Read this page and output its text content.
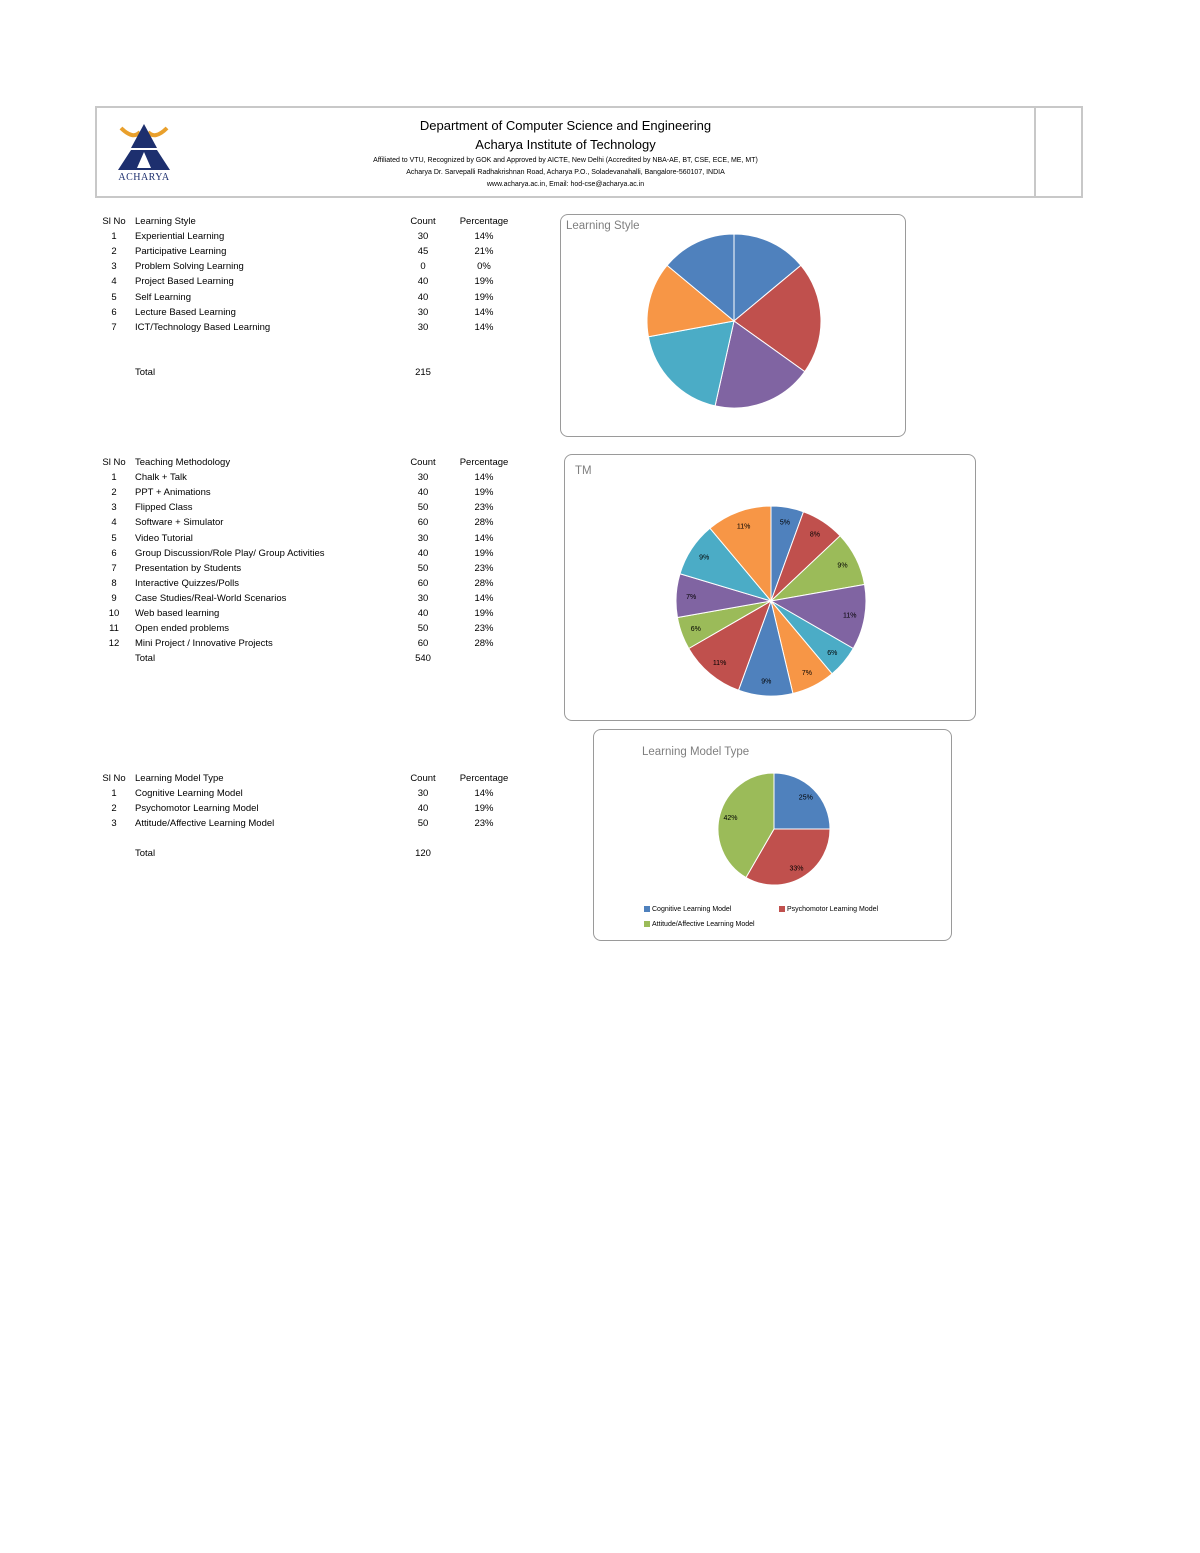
ACHARYA
Department of Computer Science and Engineering
Acharya Institute of Technology
Affiliated to VTU, Recognized by GOK and Approved by AICTE, New Delhi (Accredited by NBA-AE, BT, CSE, ECE, ME, MT)
Acharya Dr. Sarvepalli Radhakrishnan Road, Acharya P.O., Soladevanahalli, Bangalore-560107, INDIA
www.acharya.ac.in, Email: hod-cse@acharya.ac.in
Sl No Learning Style	Count	Percentage
1	Experiential Learning	30	14%
2	Participative Learning	45	21%
3	Problem Solving Learning	0	0%
4	Project Based Learning	40	19%
5	Self Learning	40	19%
6	Lecture Based Learning	30	14%
7	ICT/Technology Based Learning	30	14%
Total	215
Sl No Teaching Methodology	Count	Percentage
1	Chalk + Talk	30	14%
2	PPT + Animations	40	19%
3	Flipped Class	50	23%
4	Software + Simulator	60	28%
5	Video Tutorial	30	14%
6	Group Discussion/Role Play/ Group Activities	40	19%
7	Presentation by Students	50	23%
8	Interactive Quizzes/Polls	60	28%
9	Case Studies/Real-World Scenarios	30	14%
10	Web based learning	40	19%
11	Open ended problems	50	23%
12	Mini Project / Innovative Projects	60	28%
Total	540
Sl No Learning Model Type	Count	Percentage
1	Cognitive Learning Model	30	14%
2	Psychomotor Learning Model	40	19%
3	Attitude/Affective Learning Model	50	23%
Total	120
Learning Style
TM
5%
8%
9%
11%
6%
7%
9%
11%
6%
7%
9%
11%
Learning Model Type
25%
33%
42%
Cognitive Learning Model	Psychomotor Learning Model
Attitude/Affective Learning Model
